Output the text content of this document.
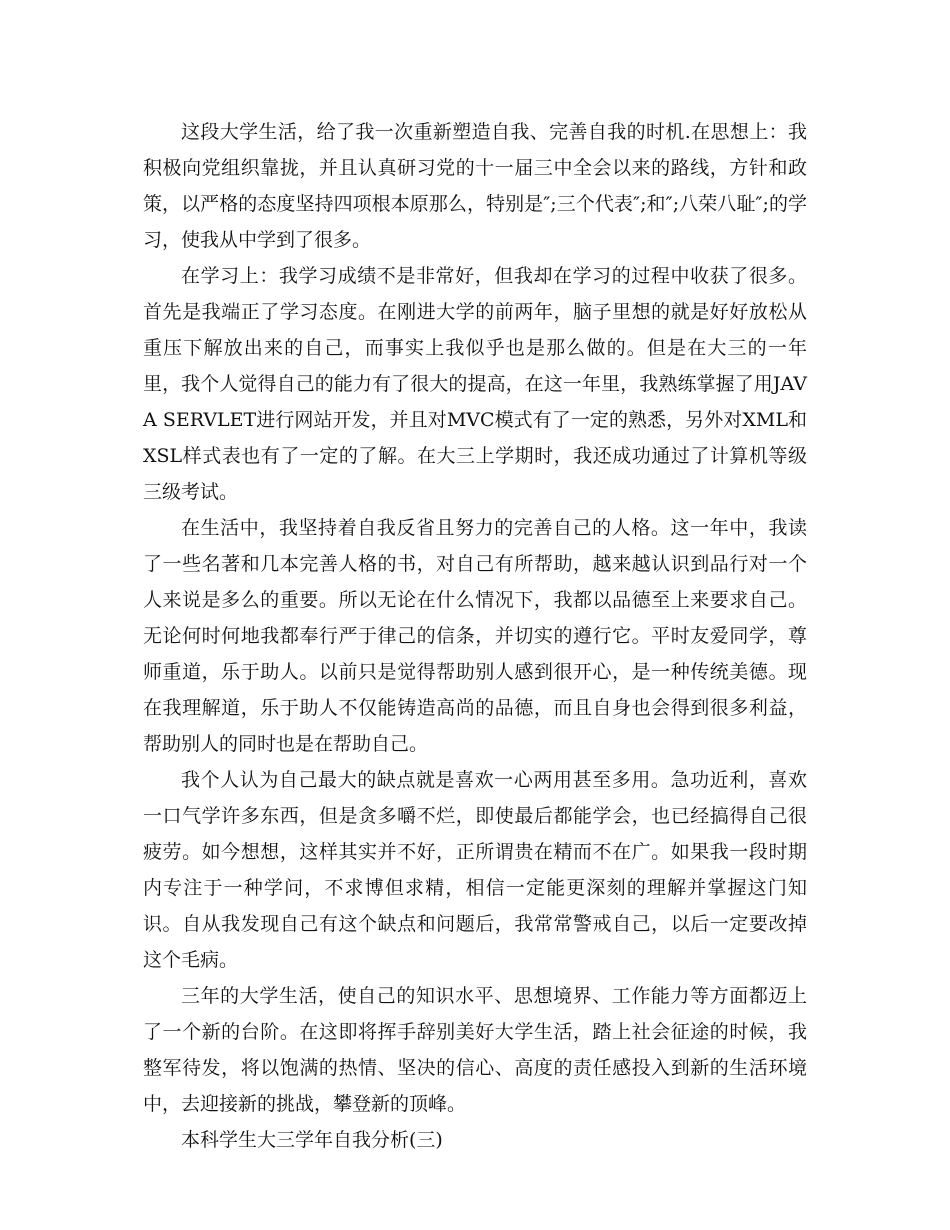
这段大学生活，给了我一次重新塑造自我、完善自我的时机.在思想上：我积极向党组织靠拢，并且认真研习党的十一届三中全会以来的路线，方针和政策，以严格的态度坚持四项根本原那么，特别是″;三个代表″;和″;八荣八耻″;的学习，使我从中学到了很多。

在学习上：我学习成绩不是非常好，但我却在学习的过程中收获了很多。首先是我端正了学习态度。在刚进大学的前两年，脑子里想的就是好好放松从重压下解放出来的自己，而事实上我似乎也是那么做的。但是在大三的一年里，我个人觉得自己的能力有了很大的提高，在这一年里，我熟练掌握了用JAVA SERVLET进行网站开发，并且对MVC模式有了一定的熟悉，另外对XML和XSL样式表也有了一定的了解。在大三上学期时，我还成功通过了计算机等级三级考试。

在生活中，我坚持着自我反省且努力的完善自己的人格。这一年中，我读了一些名著和几本完善人格的书，对自己有所帮助，越来越认识到品行对一个人来说是多么的重要。所以无论在什么情况下，我都以品德至上来要求自己。无论何时何地我都奉行严于律己的信条，并切实的遵行它。平时友爱同学，尊师重道，乐于助人。以前只是觉得帮助别人感到很开心，是一种传统美德。现在我理解道，乐于助人不仅能铸造高尚的品德，而且自身也会得到很多利益，帮助别人的同时也是在帮助自己。

我个人认为自己最大的缺点就是喜欢一心两用甚至多用。急功近利，喜欢一口气学许多东西，但是贪多嚼不烂，即使最后都能学会，也已经搞得自己很疲劳。如今想想，这样其实并不好，正所谓贵在精而不在广。如果我一段时期内专注于一种学问，不求博但求精，相信一定能更深刻的理解并掌握这门知识。自从我发现自己有这个缺点和问题后，我常常警戒自己，以后一定要改掉这个毛病。

三年的大学生活，使自己的知识水平、思想境界、工作能力等方面都迈上了一个新的台阶。在这即将挥手辞别美好大学生活，踏上社会征途的时候，我整军待发，将以饱满的热情、坚决的信心、高度的责任感投入到新的生活环境中，去迎接新的挑战，攀登新的顶峰。

本科学生大三学年自我分析(三)
